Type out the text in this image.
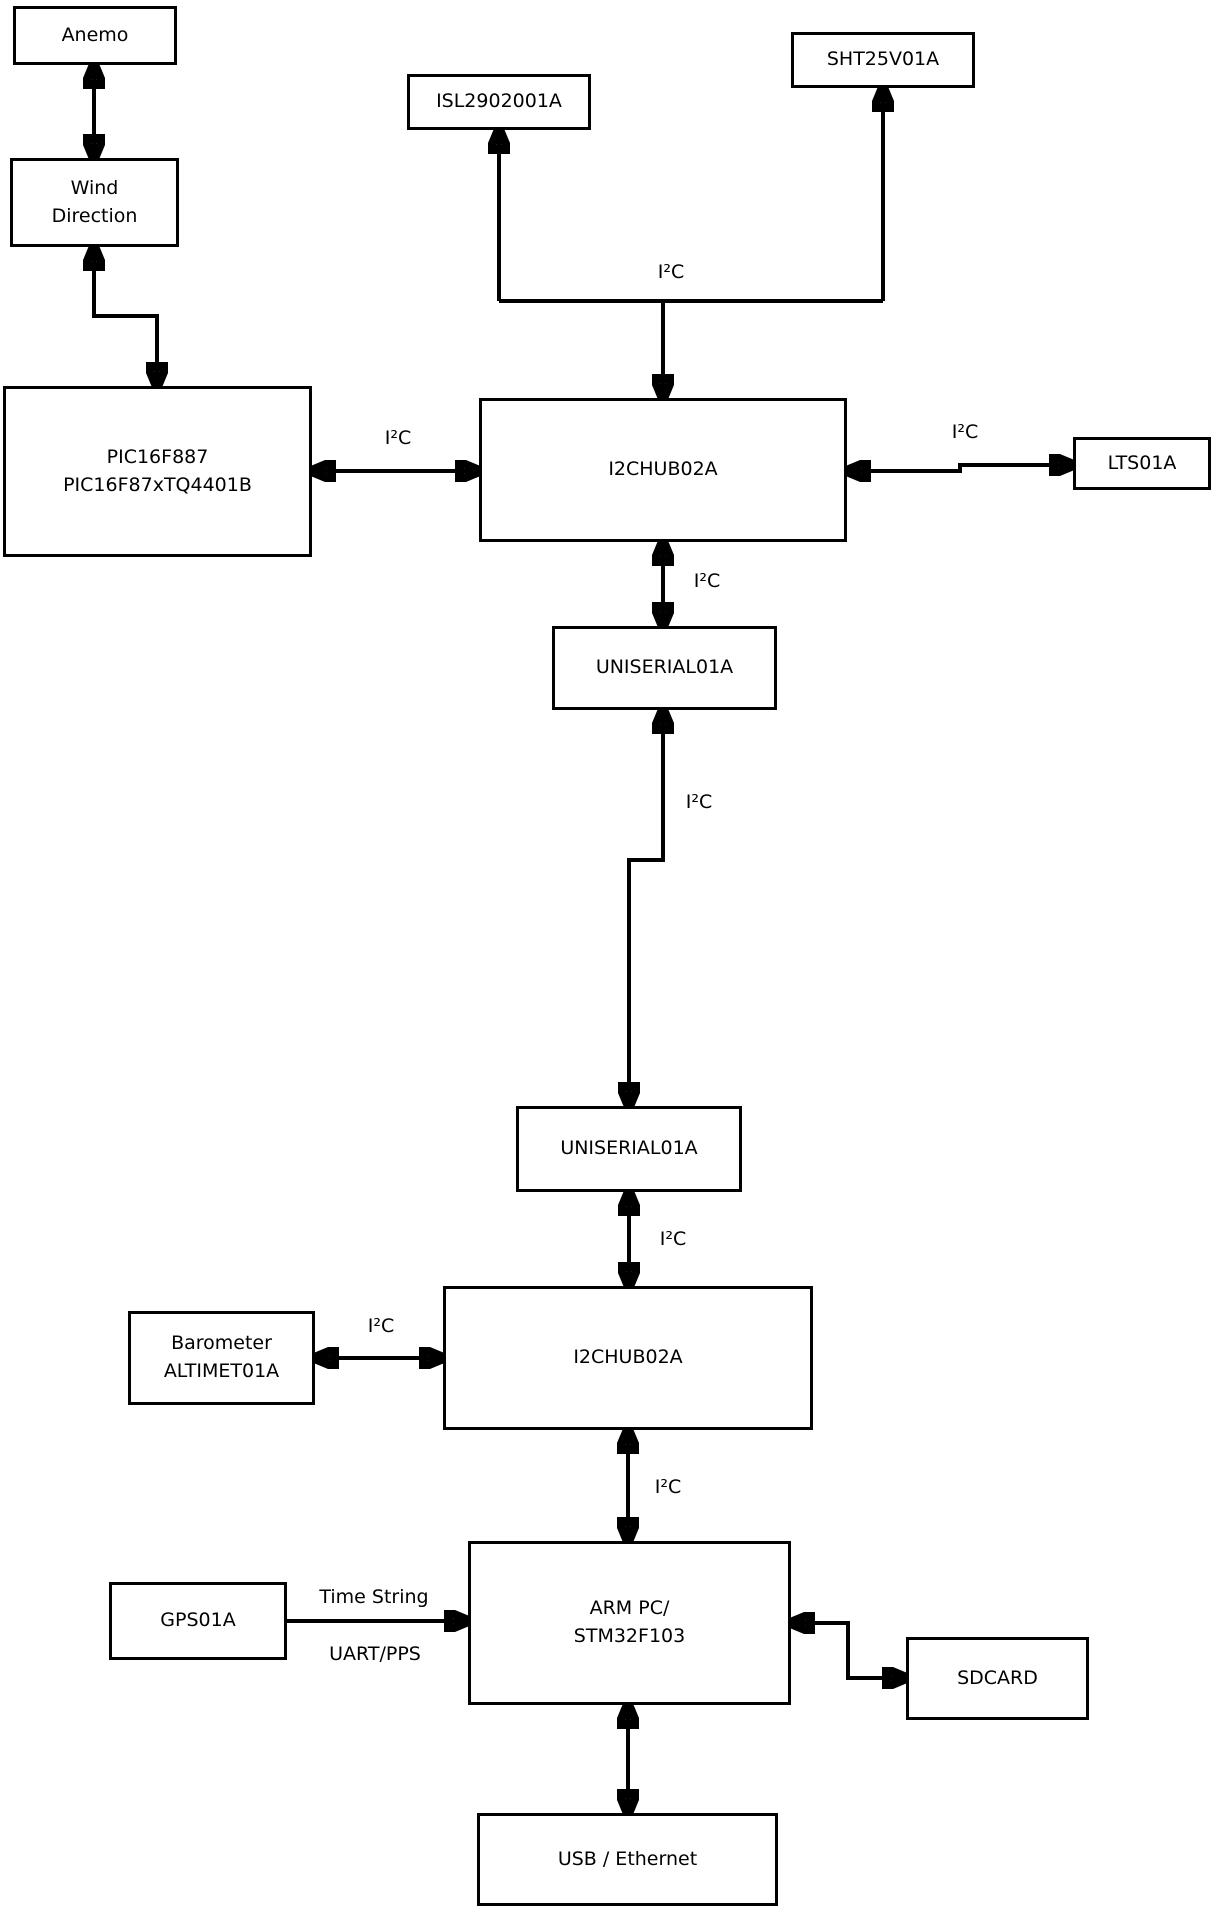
Anemo
Wind
Direction
PIC16F887
PIC16F87xTQ4401B
ISL2902001A
SHT25V01A
I2CHUB02A	LTS01A
UNISERIAL01A
UNISERIAL01A
I2CHUB02A
Barometer
ALTIMET01A
ARM PC/
STM32F103
GPS01A
SDCARD
USB / Ethernet
I²C
I²C	I²C
I²C
I²C
I²C
I²C
I²C
Time String
UART/PPS
